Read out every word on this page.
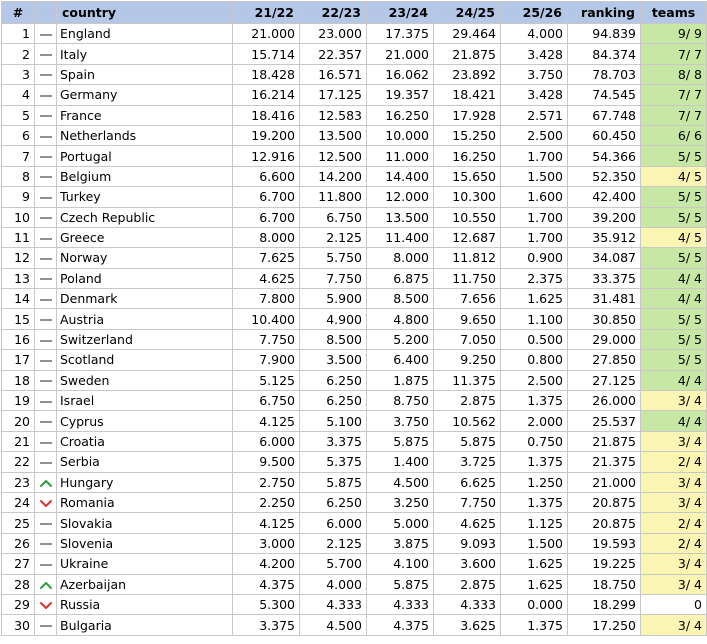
#		country	21/22	22/23	23/24	24/25	25/26	ranking	teams
1		England	21.000	23.000	17.375	29.464	4.000	94.839	9/ 9
2		Italy	15.714	22.357	21.000	21.875	3.428	84.374	7/ 7
3		Spain	18.428	16.571	16.062	23.892	3.750	78.703	8/ 8
4		Germany	16.214	17.125	19.357	18.421	3.428	74.545	7/ 7
5		France	18.416	12.583	16.250	17.928	2.571	67.748	7/ 7
6		Netherlands	19.200	13.500	10.000	15.250	2.500	60.450	6/ 6
7		Portugal	12.916	12.500	11.000	16.250	1.700	54.366	5/ 5
8		Belgium	6.600	14.200	14.400	15.650	1.500	52.350	4/ 5
9		Turkey	6.700	11.800	12.000	10.300	1.600	42.400	5/ 5
10		Czech Republic	6.700	6.750	13.500	10.550	1.700	39.200	5/ 5
11		Greece	8.000	2.125	11.400	12.687	1.700	35.912	4/ 5
12		Norway	7.625	5.750	8.000	11.812	0.900	34.087	5/ 5
13		Poland	4.625	7.750	6.875	11.750	2.375	33.375	4/ 4
14		Denmark	7.800	5.900	8.500	7.656	1.625	31.481	4/ 4
15		Austria	10.400	4.900	4.800	9.650	1.100	30.850	5/ 5
16		Switzerland	7.750	8.500	5.200	7.050	0.500	29.000	5/ 5
17		Scotland	7.900	3.500	6.400	9.250	0.800	27.850	5/ 5
18		Sweden	5.125	6.250	1.875	11.375	2.500	27.125	4/ 4
19		Israel	6.750	6.250	8.750	2.875	1.375	26.000	3/ 4
20		Cyprus	4.125	5.100	3.750	10.562	2.000	25.537	4/ 4
21		Croatia	6.000	3.375	5.875	5.875	0.750	21.875	3/ 4
22		Serbia	9.500	5.375	1.400	3.725	1.375	21.375	2/ 4
23		Hungary	2.750	5.875	4.500	6.625	1.250	21.000	3/ 4
24		Romania	2.250	6.250	3.250	7.750	1.375	20.875	3/ 4
25		Slovakia	4.125	6.000	5.000	4.625	1.125	20.875	2/ 4
26		Slovenia	3.000	2.125	3.875	9.093	1.500	19.593	2/ 4
27		Ukraine	4.200	5.700	4.100	3.600	1.625	19.225	3/ 4
28		Azerbaijan	4.375	4.000	5.875	2.875	1.625	18.750	3/ 4
29		Russia	5.300	4.333	4.333	4.333	0.000	18.299	0
30		Bulgaria	3.375	4.500	4.375	3.625	1.375	17.250	3/ 4
